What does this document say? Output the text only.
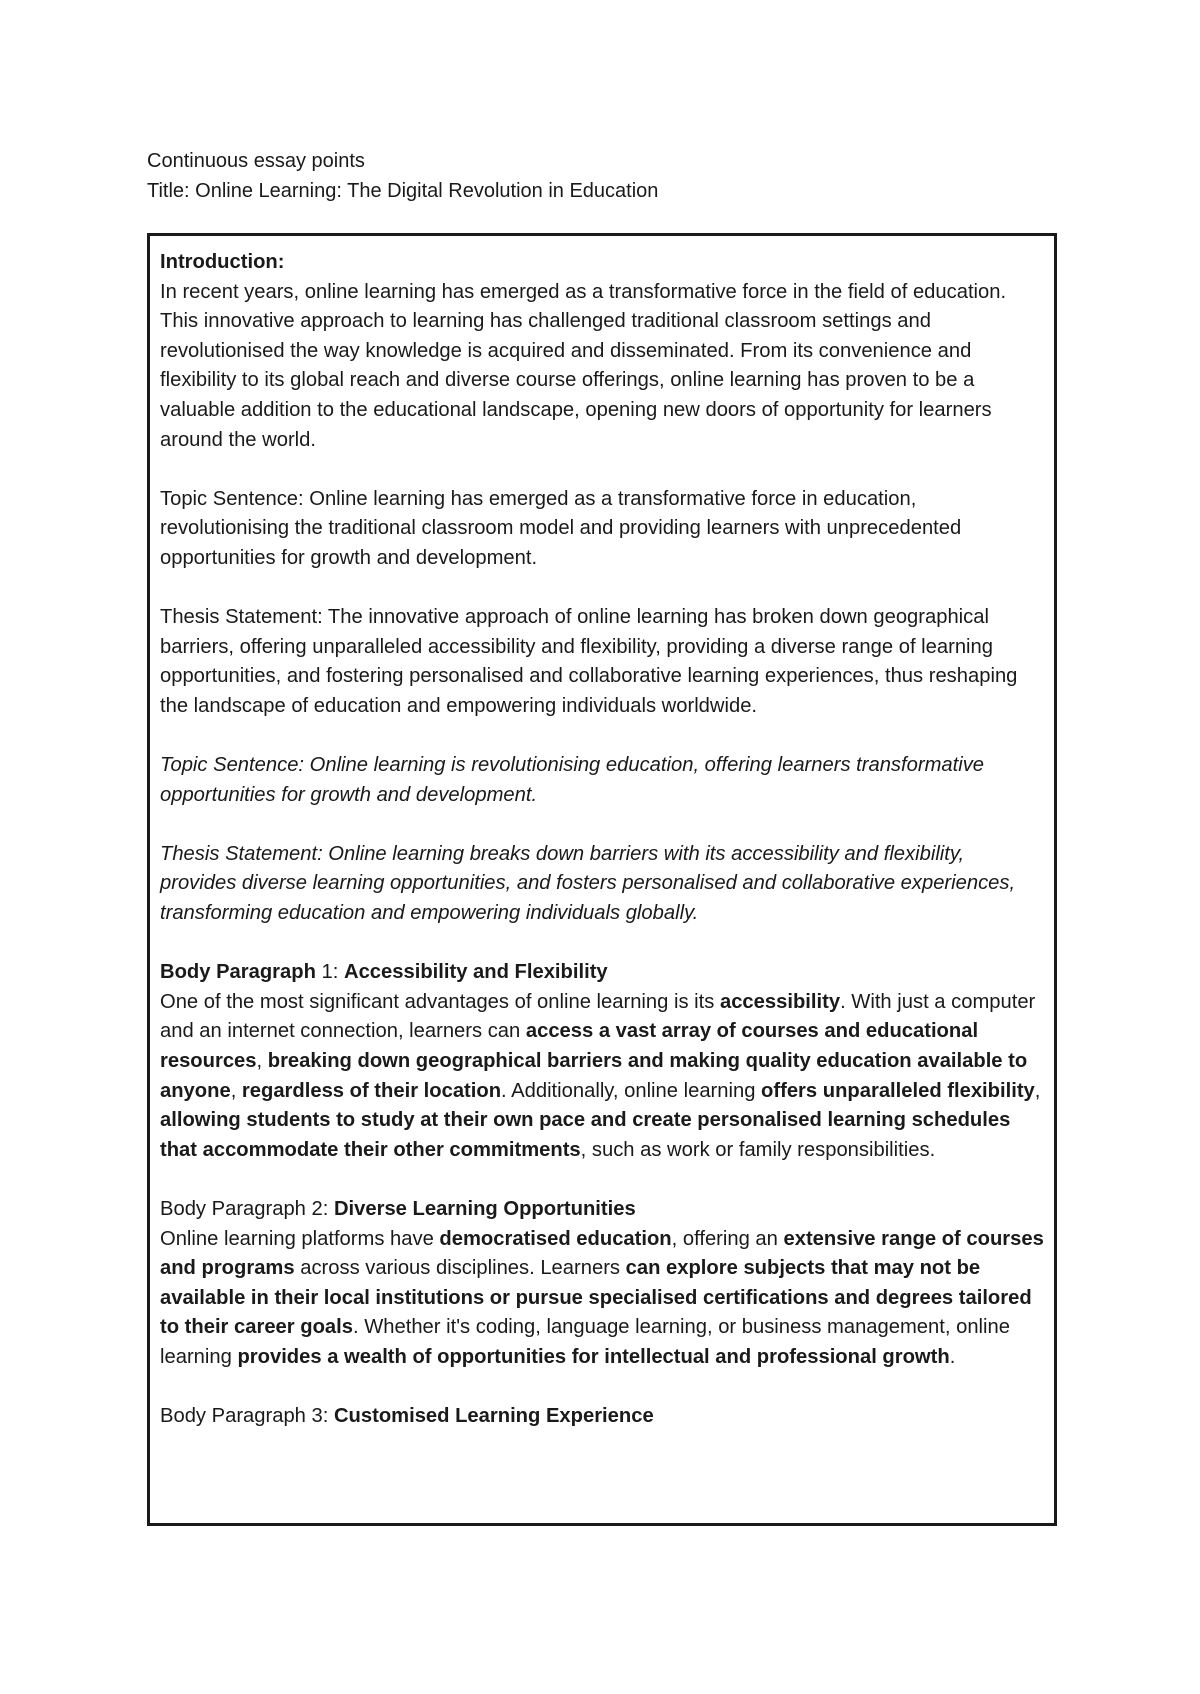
Continuous essay points
Title: Online Learning: The Digital Revolution in Education
Introduction:
In recent years, online learning has emerged as a transformative force in the field of education. This innovative approach to learning has challenged traditional classroom settings and revolutionised the way knowledge is acquired and disseminated. From its convenience and flexibility to its global reach and diverse course offerings, online learning has proven to be a valuable addition to the educational landscape, opening new doors of opportunity for learners around the world.
Topic Sentence: Online learning has emerged as a transformative force in education, revolutionising the traditional classroom model and providing learners with unprecedented opportunities for growth and development.
Thesis Statement: The innovative approach of online learning has broken down geographical barriers, offering unparalleled accessibility and flexibility, providing a diverse range of learning opportunities, and fostering personalised and collaborative learning experiences, thus reshaping the landscape of education and empowering individuals worldwide.
Topic Sentence: Online learning is revolutionising education, offering learners transformative opportunities for growth and development.
Thesis Statement: Online learning breaks down barriers with its accessibility and flexibility, provides diverse learning opportunities, and fosters personalised and collaborative experiences, transforming education and empowering individuals globally.
Body Paragraph 1: Accessibility and Flexibility
One of the most significant advantages of online learning is its accessibility. With just a computer and an internet connection, learners can access a vast array of courses and educational resources, breaking down geographical barriers and making quality education available to anyone, regardless of their location. Additionally, online learning offers unparalleled flexibility, allowing students to study at their own pace and create personalised learning schedules that accommodate their other commitments, such as work or family responsibilities.
Body Paragraph 2: Diverse Learning Opportunities
Online learning platforms have democratised education, offering an extensive range of courses and programs across various disciplines. Learners can explore subjects that may not be available in their local institutions or pursue specialised certifications and degrees tailored to their career goals. Whether it's coding, language learning, or business management, online learning provides a wealth of opportunities for intellectual and professional growth.
Body Paragraph 3: Customised Learning Experience
